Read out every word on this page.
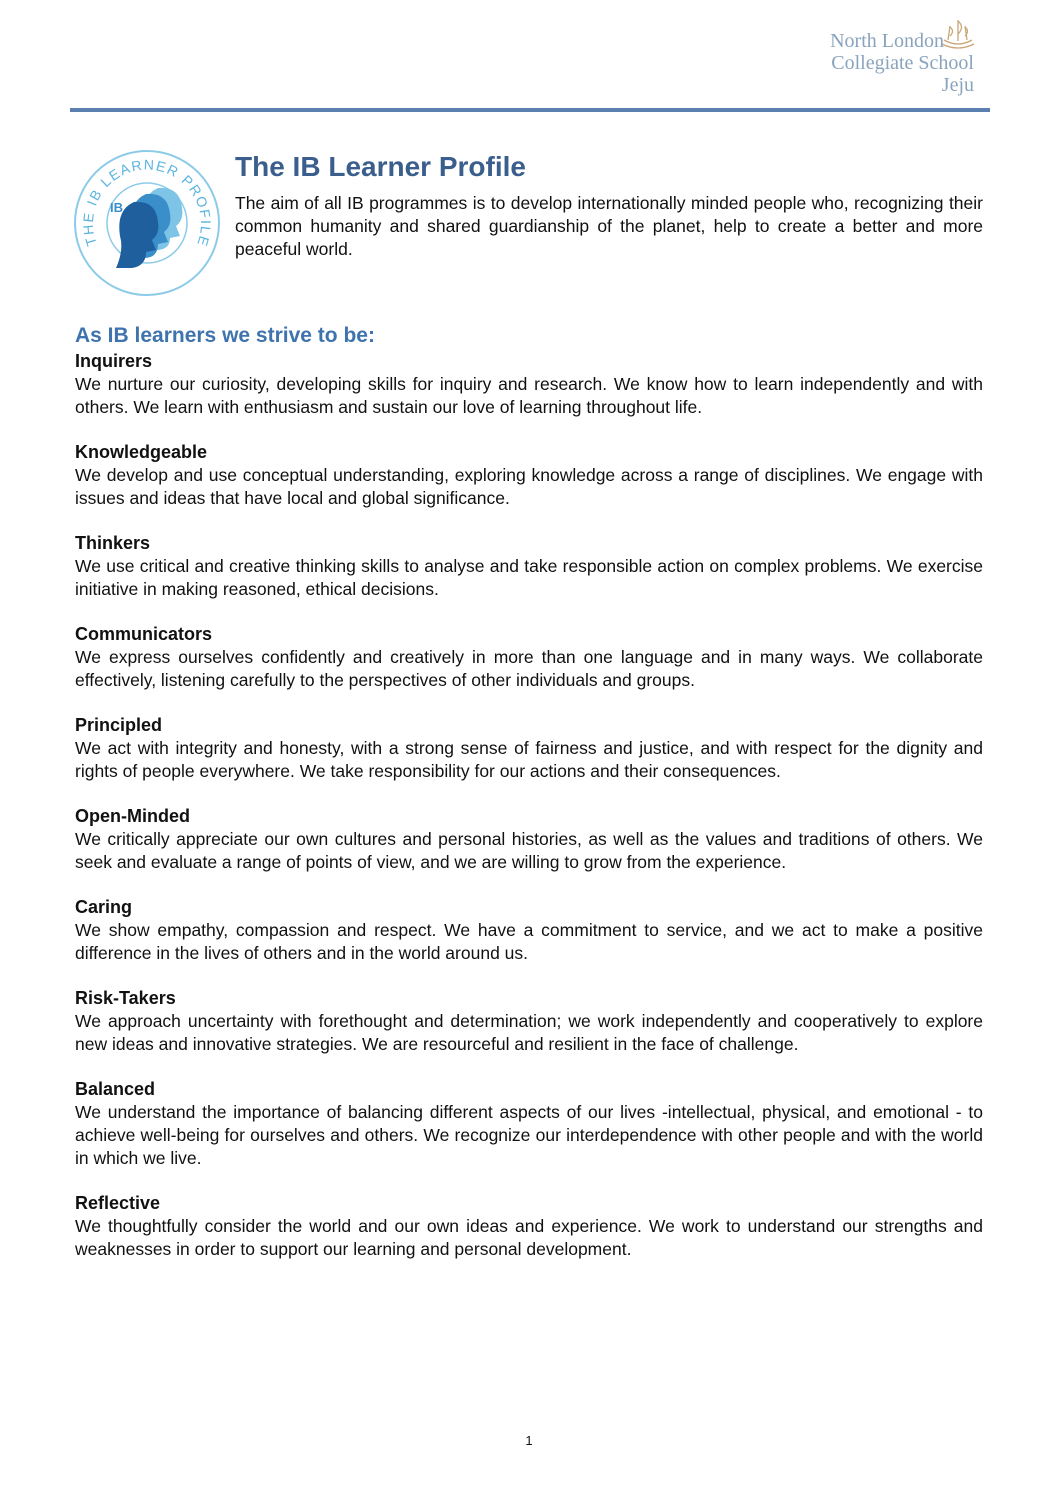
North London
Collegiate School
Jeju
THE IB LEARNER PROFILE
IB
The IB Learner Profile

The aim of all IB programmes is to develop internationally minded people who, recognizing their common humanity and shared guardianship of the planet, help to create a better and more peaceful world.

As IB learners we strive to be:
Inquirers

We nurture our curiosity, developing skills for inquiry and research. We know how to learn independently and with others. We learn with enthusiasm and sustain our love of learning throughout life.

Knowledgeable

We develop and use conceptual understanding, exploring knowledge across a range of disciplines. We engage with issues and ideas that have local and global significance.

Thinkers

We use critical and creative thinking skills to analyse and take responsible action on complex problems. We exercise initiative in making reasoned, ethical decisions.

Communicators

We express ourselves confidently and creatively in more than one language and in many ways. We collaborate effectively, listening carefully to the perspectives of other individuals and groups.

Principled

We act with integrity and honesty, with a strong sense of fairness and justice, and with respect for the dignity and rights of people everywhere. We take responsibility for our actions and their consequences.

Open-Minded

We critically appreciate our own cultures and personal histories, as well as the values and traditions of others. We seek and evaluate a range of points of view, and we are willing to grow from the experience.

Caring

We show empathy, compassion and respect. We have a commitment to service, and we act to make a positive difference in the lives of others and in the world around us.

Risk-Takers

We approach uncertainty with forethought and determination; we work independently and cooperatively to explore new ideas and innovative strategies. We are resourceful and resilient in the face of challenge.

Balanced

We understand the importance of balancing different aspects of our lives -intellectual, physical, and emotional - to achieve well-being for ourselves and others. We recognize our interdependence with other people and with the world in which we live.

Reflective

We thoughtfully consider the world and our own ideas and experience. We work to understand our strengths and weaknesses in order to support our learning and personal development.

1
